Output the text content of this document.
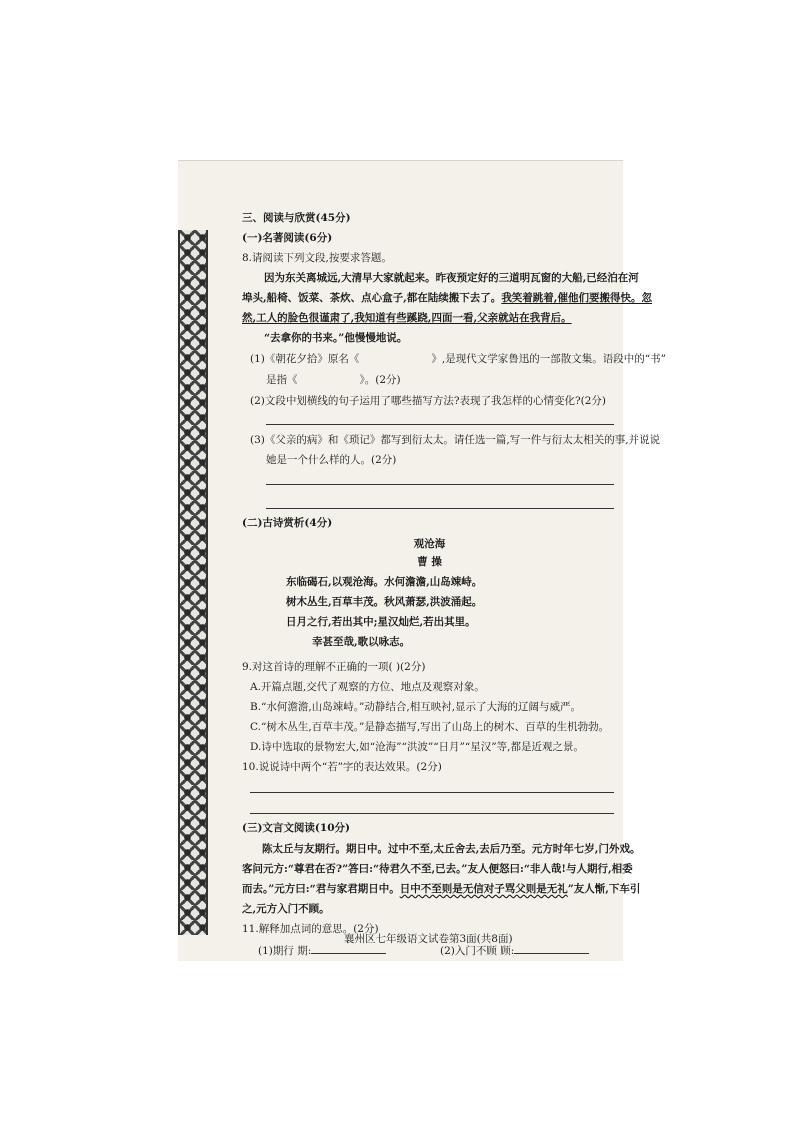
三、阅读与欣赏(45分)
(一)名著阅读(6分)
8.请阅读下列文段,按要求答题。
因为东关离城远,大清早大家就起来。昨夜预定好的三道明瓦窗的大船,已经泊在河
埠头,船椅、饭菜、茶炊、点心盒子,都在陆续搬下去了。我笑着跳着,催他们要搬得快。忽
然,工人的脸色很谨肃了,我知道有些蹊跷,四面一看,父亲就站在我背后。
“去拿你的书来。”他慢慢地说。
(1)《朝花夕拾》原名《	》,是现代文学家鲁迅的一部散文集。语段中的“书”
是指《	》。(2分)
(2)文段中划横线的句子运用了哪些描写方法?表现了我怎样的心情变化?(2分)
(3)《父亲的病》和《琐记》都写到衍太太。请任选一篇,写一件与衍太太相关的事,并说说
她是一个什么样的人。(2分)
(二)古诗赏析(4分)
观沧海
曹 操
东临碣石,以观沧海。水何澹澹,山岛竦峙。
树木丛生,百草丰茂。秋风萧瑟,洪波涌起。
日月之行,若出其中;星汉灿烂,若出其里。
幸甚至哉,歌以咏志。
9.对这首诗的理解不正确的一项( )(2分)
A.开篇点题,交代了观察的方位、地点及观察对象。
B.“水何澹澹,山岛竦峙。”动静结合,相互映衬,显示了大海的辽阔与威严。
C.“树木丛生,百草丰茂。”是静态描写,写出了山岛上的树木、百草的生机勃勃。
D.诗中选取的景物宏大,如“沧海”“洪波”“日月”“星汉”等,都是近观之景。
10.说说诗中两个“若”字的表达效果。(2分)
(三)文言文阅读(10分)
陈太丘与友期行。期日中。过中不至,太丘舍去,去后乃至。元方时年七岁,门外戏。
客问元方:“尊君在否?”答曰:“待君久不至,已去。”友人便怒曰:“非人哉!与人期行,相委
而去。”元方曰:“君与家君期日中。日中不至则是无信对子骂父则是无礼”友人惭,下车引
之,元方入门不顾。
11.解释加点词的意思。(2分)
(1)期行 期:	(2)入门不顾 顾:
襄州区七年级语文试卷第3面(共8面)
